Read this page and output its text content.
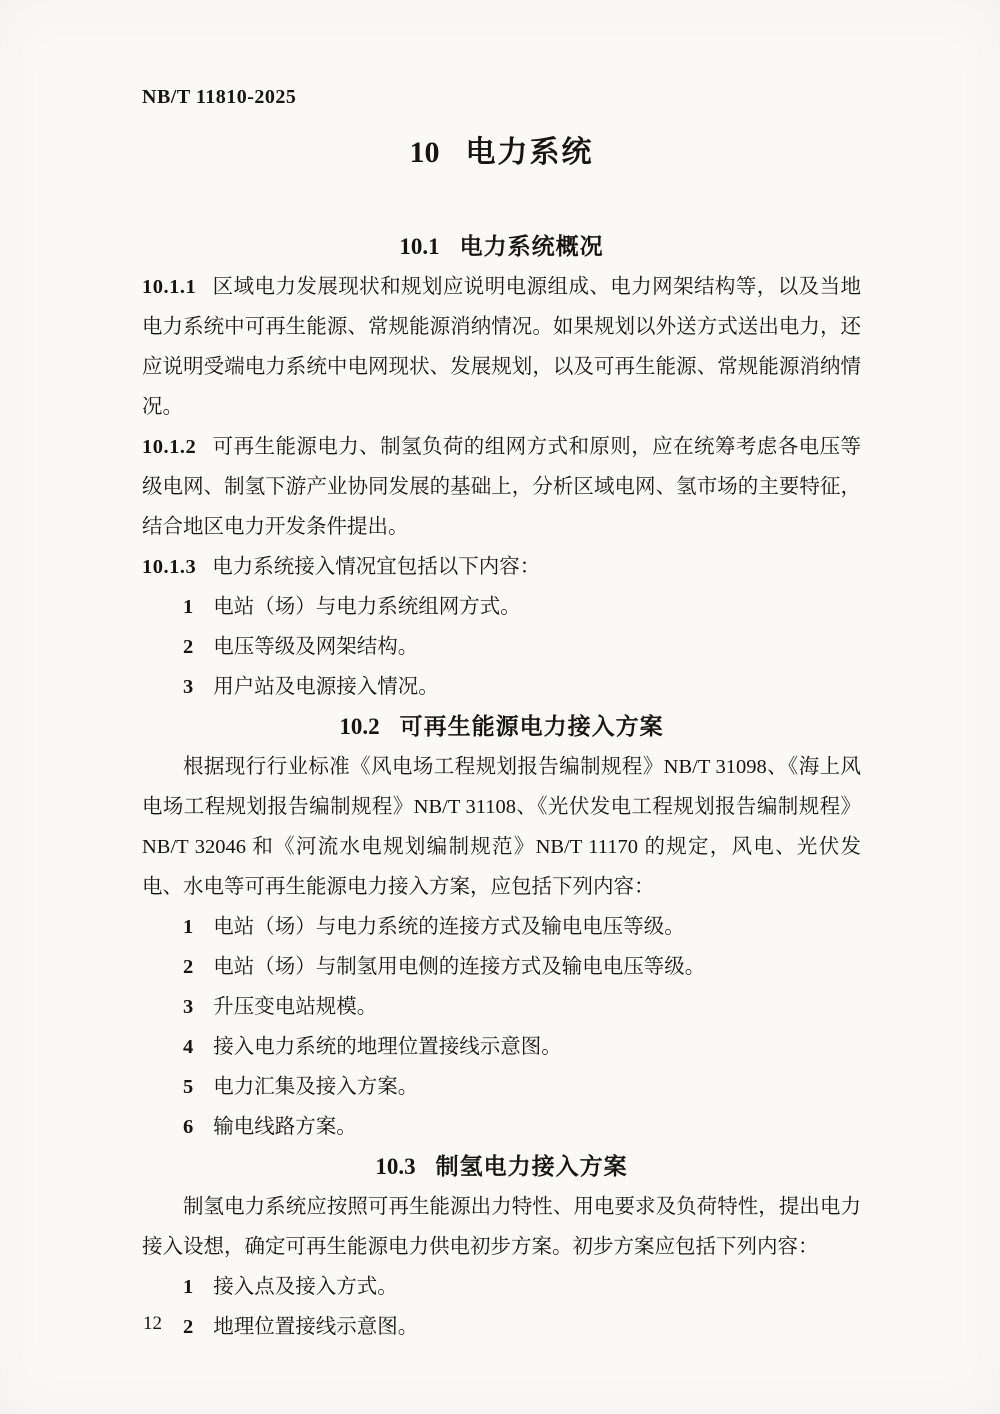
NB/T 11810-2025
10 电力系统
10.1 电力系统概况
10.1.1 区域电力发展现状和规划应说明电源组成、电力网架结构等，以及当地电力系统中可再生能源、常规能源消纳情况。如果规划以外送方式送出电力，还应说明受端电力系统中电网现状、发展规划，以及可再生能源、常规能源消纳情况。
10.1.2 可再生能源电力、制氢负荷的组网方式和原则，应在统筹考虑各电压等级电网、制氢下游产业协同发展的基础上，分析区域电网、氢市场的主要特征，结合地区电力开发条件提出。
10.1.3 电力系统接入情况宜包括以下内容：
1 电站（场）与电力系统组网方式。
2 电压等级及网架结构。
3 用户站及电源接入情况。
10.2 可再生能源电力接入方案
根据现行行业标准《风电场工程规划报告编制规程》NB/T 31098、《海上风电场工程规划报告编制规程》NB/T 31108、《光伏发电工程规划报告编制规程》NB/T 32046 和《河流水电规划编制规范》NB/T 11170 的规定，风电、光伏发电、水电等可再生能源电力接入方案，应包括下列内容：
1 电站（场）与电力系统的连接方式及输电电压等级。
2 电站（场）与制氢用电侧的连接方式及输电电压等级。
3 升压变电站规模。
4 接入电力系统的地理位置接线示意图。
5 电力汇集及接入方案。
6 输电线路方案。
10.3 制氢电力接入方案
制氢电力系统应按照可再生能源出力特性、用电要求及负荷特性，提出电力接入设想，确定可再生能源电力供电初步方案。初步方案应包括下列内容：
1 接入点及接入方式。
2 地理位置接线示意图。
12
